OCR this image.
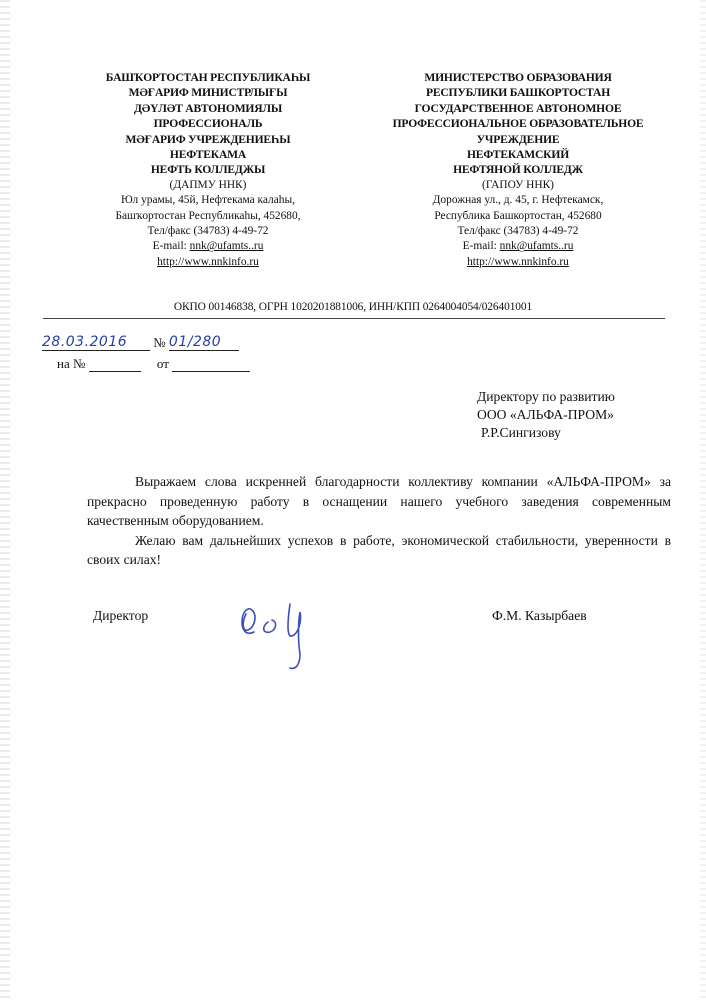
БАШҠОРТОСТАН РЕСПУБЛИКАҺЫ
МӘҒАРИФ МИНИСТРЛЫҒЫ
ДӘҮЛӘТ АВТОНОМИЯЛЫ
ПРОФЕССИОНАЛЬ
МӘҒАРИФ УЧРЕЖДЕНИЕҺЫ
НЕФТЕКАМА
НЕФТЬ КОЛЛЕДЖЫ
(ДАПМУ ННК)
Юл урамы, 45й, Нефтекама калаһы,
Башҡортостан Республикаһы, 452680,
Тел/факс (34783) 4-49-72
E-mail: nnk@ufamts..ru
http://www.nnkinfo.ru
МИНИСТЕРСТВО ОБРАЗОВАНИЯ
РЕСПУБЛИКИ БАШКОРТОСТАН
ГОСУДАРСТВЕННОЕ АВТОНОМНОЕ
ПРОФЕССИОНАЛЬНОЕ ОБРАЗОВАТЕЛЬНОЕ
УЧРЕЖДЕНИЕ
НЕФТЕКАМСКИЙ
НЕФТЯНОЙ КОЛЛЕДЖ
(ГАПОУ ННК)
Дорожная ул., д. 45, г. Нефтекамск,
Республика Башкортостан, 452680
Тел/факс (34783) 4-49-72
E-mail: nnk@ufamts..ru
http://www.nnkinfo.ru
ОКПО 00146838, ОГРН 1020201881006, ИНН/КПП 0264004054/026401001
28.03.2016 № 01/280
на №	от
Директору по развитию
ООО «АЛЬФА-ПРОМ»
Р.Р.Сингизову

Выражаем слова искренней благодарности коллективу компании «АЛЬФА-ПРОМ» за прекрасно проведенную работу в оснащении нашего учебного заведения современным качественным оборудованием.

Желаю вам дальнейших успехов в работе, экономической стабильности, уверенности в своих силах!

Директор	Ф.М. Казырбаев
